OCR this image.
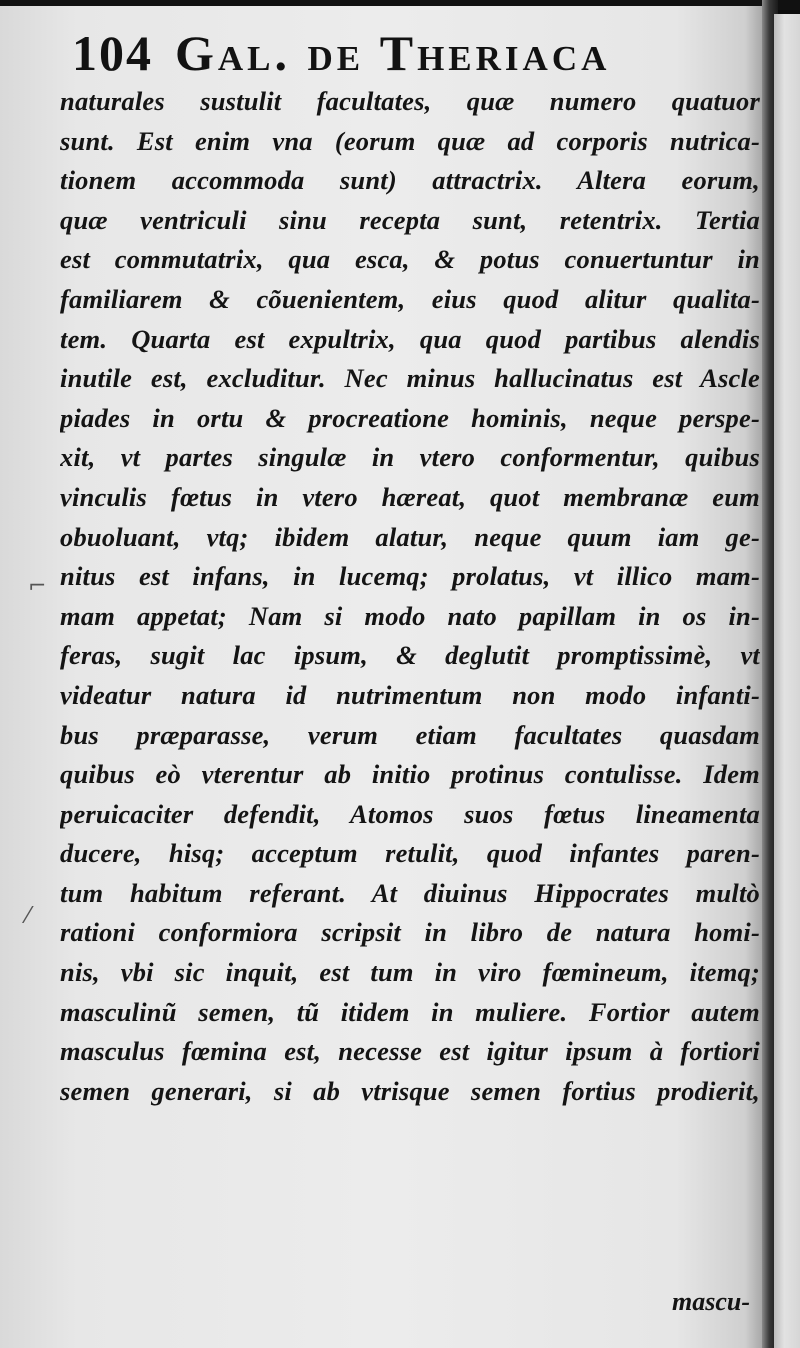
⌐
⁄
104 Gal. de Theriaca
naturales sustulit facultates, quæ numero quatuor
sunt. Est enim vna (eorum quæ ad corporis nutrica-
tionem accommoda sunt) attractrix. Altera eorum,
quæ ventriculi sinu recepta sunt, retentrix. Tertia
est commutatrix, qua esca, & potus conuertuntur in
familiarem & cõuenientem, eius quod alitur qualita-
tem. Quarta est expultrix, qua quod partibus alendis
inutile est, excluditur. Nec minus hallucinatus est Ascle
piades in ortu & procreatione hominis, neque perspe-
xit, vt partes singulæ in vtero conformentur, quibus
vinculis fœtus in vtero hæreat, quot membranæ eum
obuoluant, vtq; ibidem alatur, neque quum iam ge-
nitus est infans, in lucemq; prolatus, vt illico mam-
mam appetat; Nam si modo nato papillam in os in-
feras, sugit lac ipsum, & deglutit promptissimè, vt
videatur natura id nutrimentum non modo infanti-
bus præparasse, verum etiam facultates quasdam
quibus eò vterentur ab initio protinus contulisse. Idem
peruicaciter defendit, Atomos suos fœtus lineamenta
ducere, hisq; acceptum retulit, quod infantes paren-
tum habitum referant. At diuinus Hippocrates multò
rationi conformiora scripsit in libro de natura homi-
nis, vbi sic inquit, est tum in viro fœmineum, itemq;
masculinũ semen, tũ itidem in muliere. Fortior autem
masculus fœmina est, necesse est igitur ipsum à fortiori
semen generari, si ab vtrisque semen fortius prodierit,
mascu-
